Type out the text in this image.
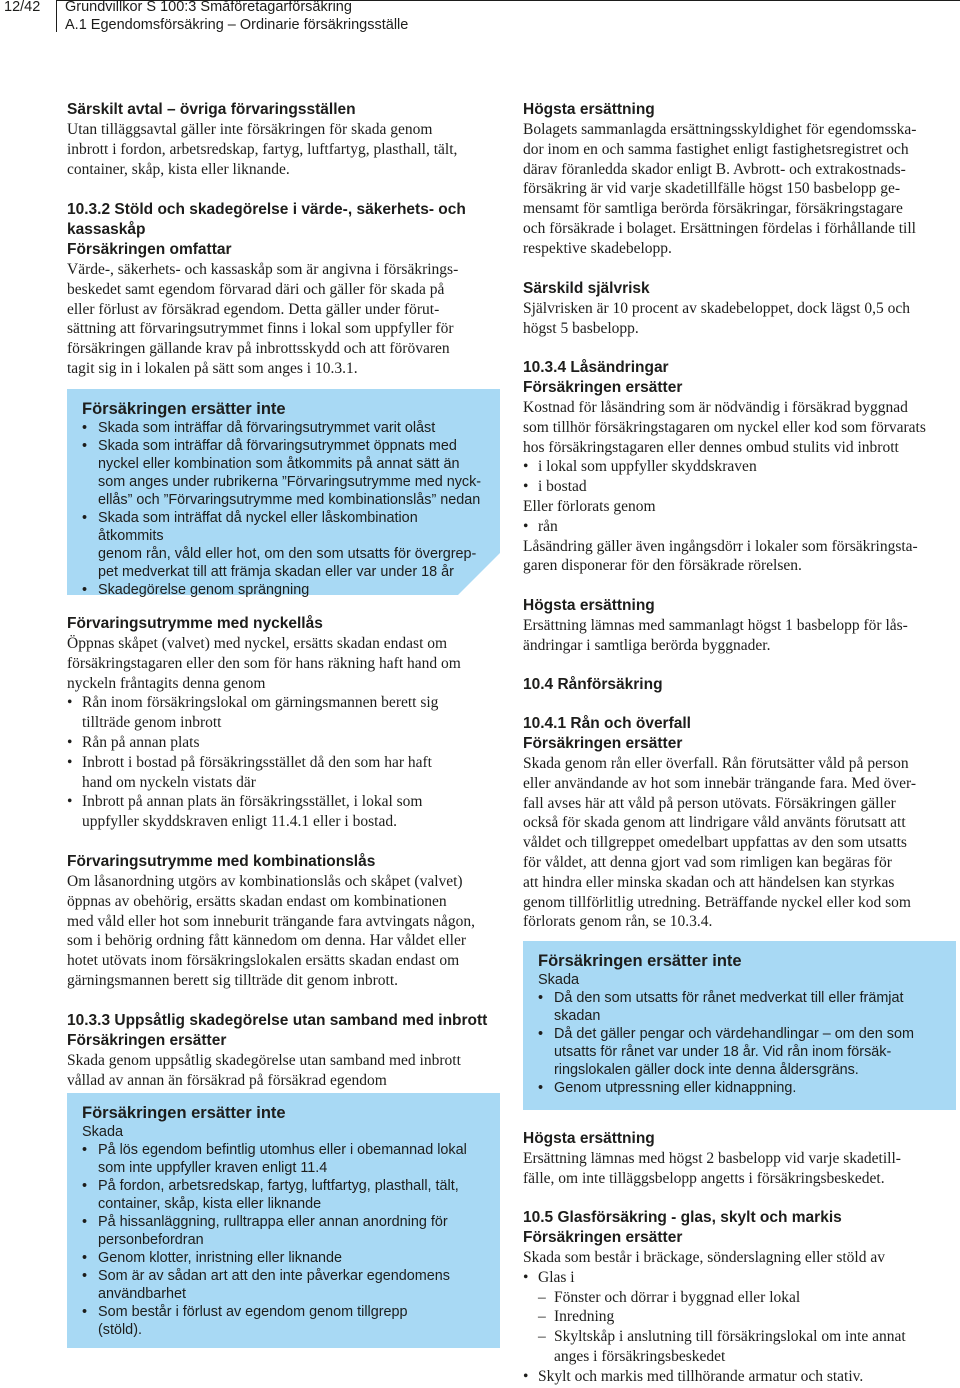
12/42 Grundvillkor S 100:3 Småföretagarförsäkring
A.1 Egendomsförsäkring – Ordinarie försäkringsställe
Särskilt avtal – övriga förvaringsställen
Utan tilläggsavtal gäller inte försäkringen för skada genom
inbrott i fordon, arbetsredskap, fartyg, luftfartyg, plasthall, tält,
container, skåp, kista eller liknande.
10.3.2 Stöld och skadegörelse i värde-, säkerhets- och
kassaskåp
Försäkringen omfattar
Värde-, säkerhets- och kassaskåp som är angivna i försäkrings-
beskedet samt egendom förvarad däri och gäller för skada på
eller förlust av försäkrad egendom. Detta gäller under förut-
sättning att förvaringsutrymmet finns i lokal som uppfyller för
försäkringen gällande krav på inbrottsskydd och att förövaren
tagit sig in i lokalen på sätt som anges i 10.3.1.
Försäkringen ersätter inte
• Skada som inträffar då förvaringsutrymmet varit olåst
• Skada som inträffar då förvaringsutrymmet öppnats med
nyckel eller kombination som åtkommits på annat sätt än
som anges under rubrikerna ”Förvaringsutrymme med nyck-
ellås” och ”Förvaringsutrymme med kombinationslås” nedan
• Skada som inträffat då nyckel eller låskombination åtkommits
genom rån, våld eller hot, om den som utsatts för övergrep-
pet medverkat till att främja skadan eller var under 18 år
• Skadegörelse genom sprängning
Förvaringsutrymme med nyckellås
Öppnas skåpet (valvet) med nyckel, ersätts skadan endast om
försäkringstagaren eller den som för hans räkning haft hand om
nyckeln fråntagits denna genom
• Rån inom försäkringslokal om gärningsmannen berett sig
tillträde genom inbrott
• Rån på annan plats
• Inbrott i bostad på försäkringsstället då den som har haft
hand om nyckeln vistats där
• Inbrott på annan plats än försäkringsstället, i lokal som
uppfyller skyddskraven enligt 11.4.1 eller i bostad.
Förvaringsutrymme med kombinationslås
Om låsanordning utgörs av kombinationslås och skåpet (valvet)
öppnas av obehörig, ersätts skadan endast om kombinationen
med våld eller hot som inneburit trängande fara avtvingats någon,
som i behörig ordning fått kännedom om denna. Har våldet eller
hotet utövats inom försäkringslokalen ersätts skadan endast om
gärningsmannen berett sig tillträde dit genom inbrott.
10.3.3 Uppsåtlig skadegörelse utan samband med inbrott
Försäkringen ersätter
Skada genom uppsåtlig skadegörelse utan samband med inbrott
vållad av annan än försäkrad på försäkrad egendom
Försäkringen ersätter inte
Skada
• På lös egendom befintlig utomhus eller i obemannad lokal
som inte uppfyller kraven enligt 11.4
• På fordon, arbetsredskap, fartyg, luftfartyg, plasthall, tält,
container, skåp, kista eller liknande
• På hissanläggning, rulltrappa eller annan anordning för
personbefordran
• Genom klotter, inristning eller liknande
• Som är av sådan art att den inte påverkar egendomens
användbarhet
• Som består i förlust av egendom genom tillgrepp
(stöld).
Högsta ersättning
Bolagets sammanlagda ersättningsskyldighet för egendomsska-
dor inom en och samma fastighet enligt fastighetsregistret och
därav föranledda skador enligt B. Avbrott- och extrakostnads-
försäkring är vid varje skadetillfälle högst 150 basbelopp ge-
mensamt för samtliga berörda försäkringar, försäkringstagare
och försäkrade i bolaget. Ersättningen fördelas i förhållande till
respektive skadebelopp.
Särskild självrisk
Självrisken är 10 procent av skadebeloppet, dock lägst 0,5 och
högst 5 basbelopp.
10.3.4 Låsändringar
Försäkringen ersätter
Kostnad för låsändring som är nödvändig i försäkrad byggnad
som tillhör försäkringstagaren om nyckel eller kod som förvarats
hos försäkringstagaren eller dennes ombud stulits vid inbrott
• i lokal som uppfyller skyddskraven
• i bostad
Eller förlorats genom
• rån
Låsändring gäller även ingångsdörr i lokaler som försäkringsta-
garen disponerar för den försäkrade rörelsen.
Högsta ersättning
Ersättning lämnas med sammanlagt högst 1 basbelopp för lås-
ändringar i samtliga berörda byggnader.
10.4 Rånförsäkring
10.4.1 Rån och överfall
Försäkringen ersätter
Skada genom rån eller överfall. Rån förutsätter våld på person
eller användande av hot som innebär trängande fara. Med över-
fall avses här att våld på person utövats. Försäkringen gäller
också för skada genom att lindrigare våld använts förutsatt att
våldet och tillgreppet omedelbart uppfattas av den som utsatts
för våldet, att denna gjort vad som rimligen kan begäras för
att hindra eller minska skadan och att händelsen kan styrkas
genom tillförlitlig utredning. Beträffande nyckel eller kod som
förlorats genom rån, se 10.3.4.
Försäkringen ersätter inte
Skada
• Då den som utsatts för rånet medverkat till eller främjat
skadan
• Då det gäller pengar och värdehandlingar – om den som
utsatts för rånet var under 18 år. Vid rån inom försäk-
ringslokalen gäller dock inte denna åldersgräns.
• Genom utpressning eller kidnappning.
Högsta ersättning
Ersättning lämnas med högst 2 basbelopp vid varje skadetill-
fälle, om inte tilläggsbelopp angetts i försäkringsbeskedet.
10.5 Glasförsäkring - glas, skylt och markis
Försäkringen ersätter
Skada som består i bräckage, sönderslagning eller stöld av
• Glas i
– Fönster och dörrar i byggnad eller lokal
– Inredning
– Skyltskåp i anslutning till försäkringslokal om inte annat
anges i försäkringsbeskedet
• Skylt och markis med tillhörande armatur och stativ.
